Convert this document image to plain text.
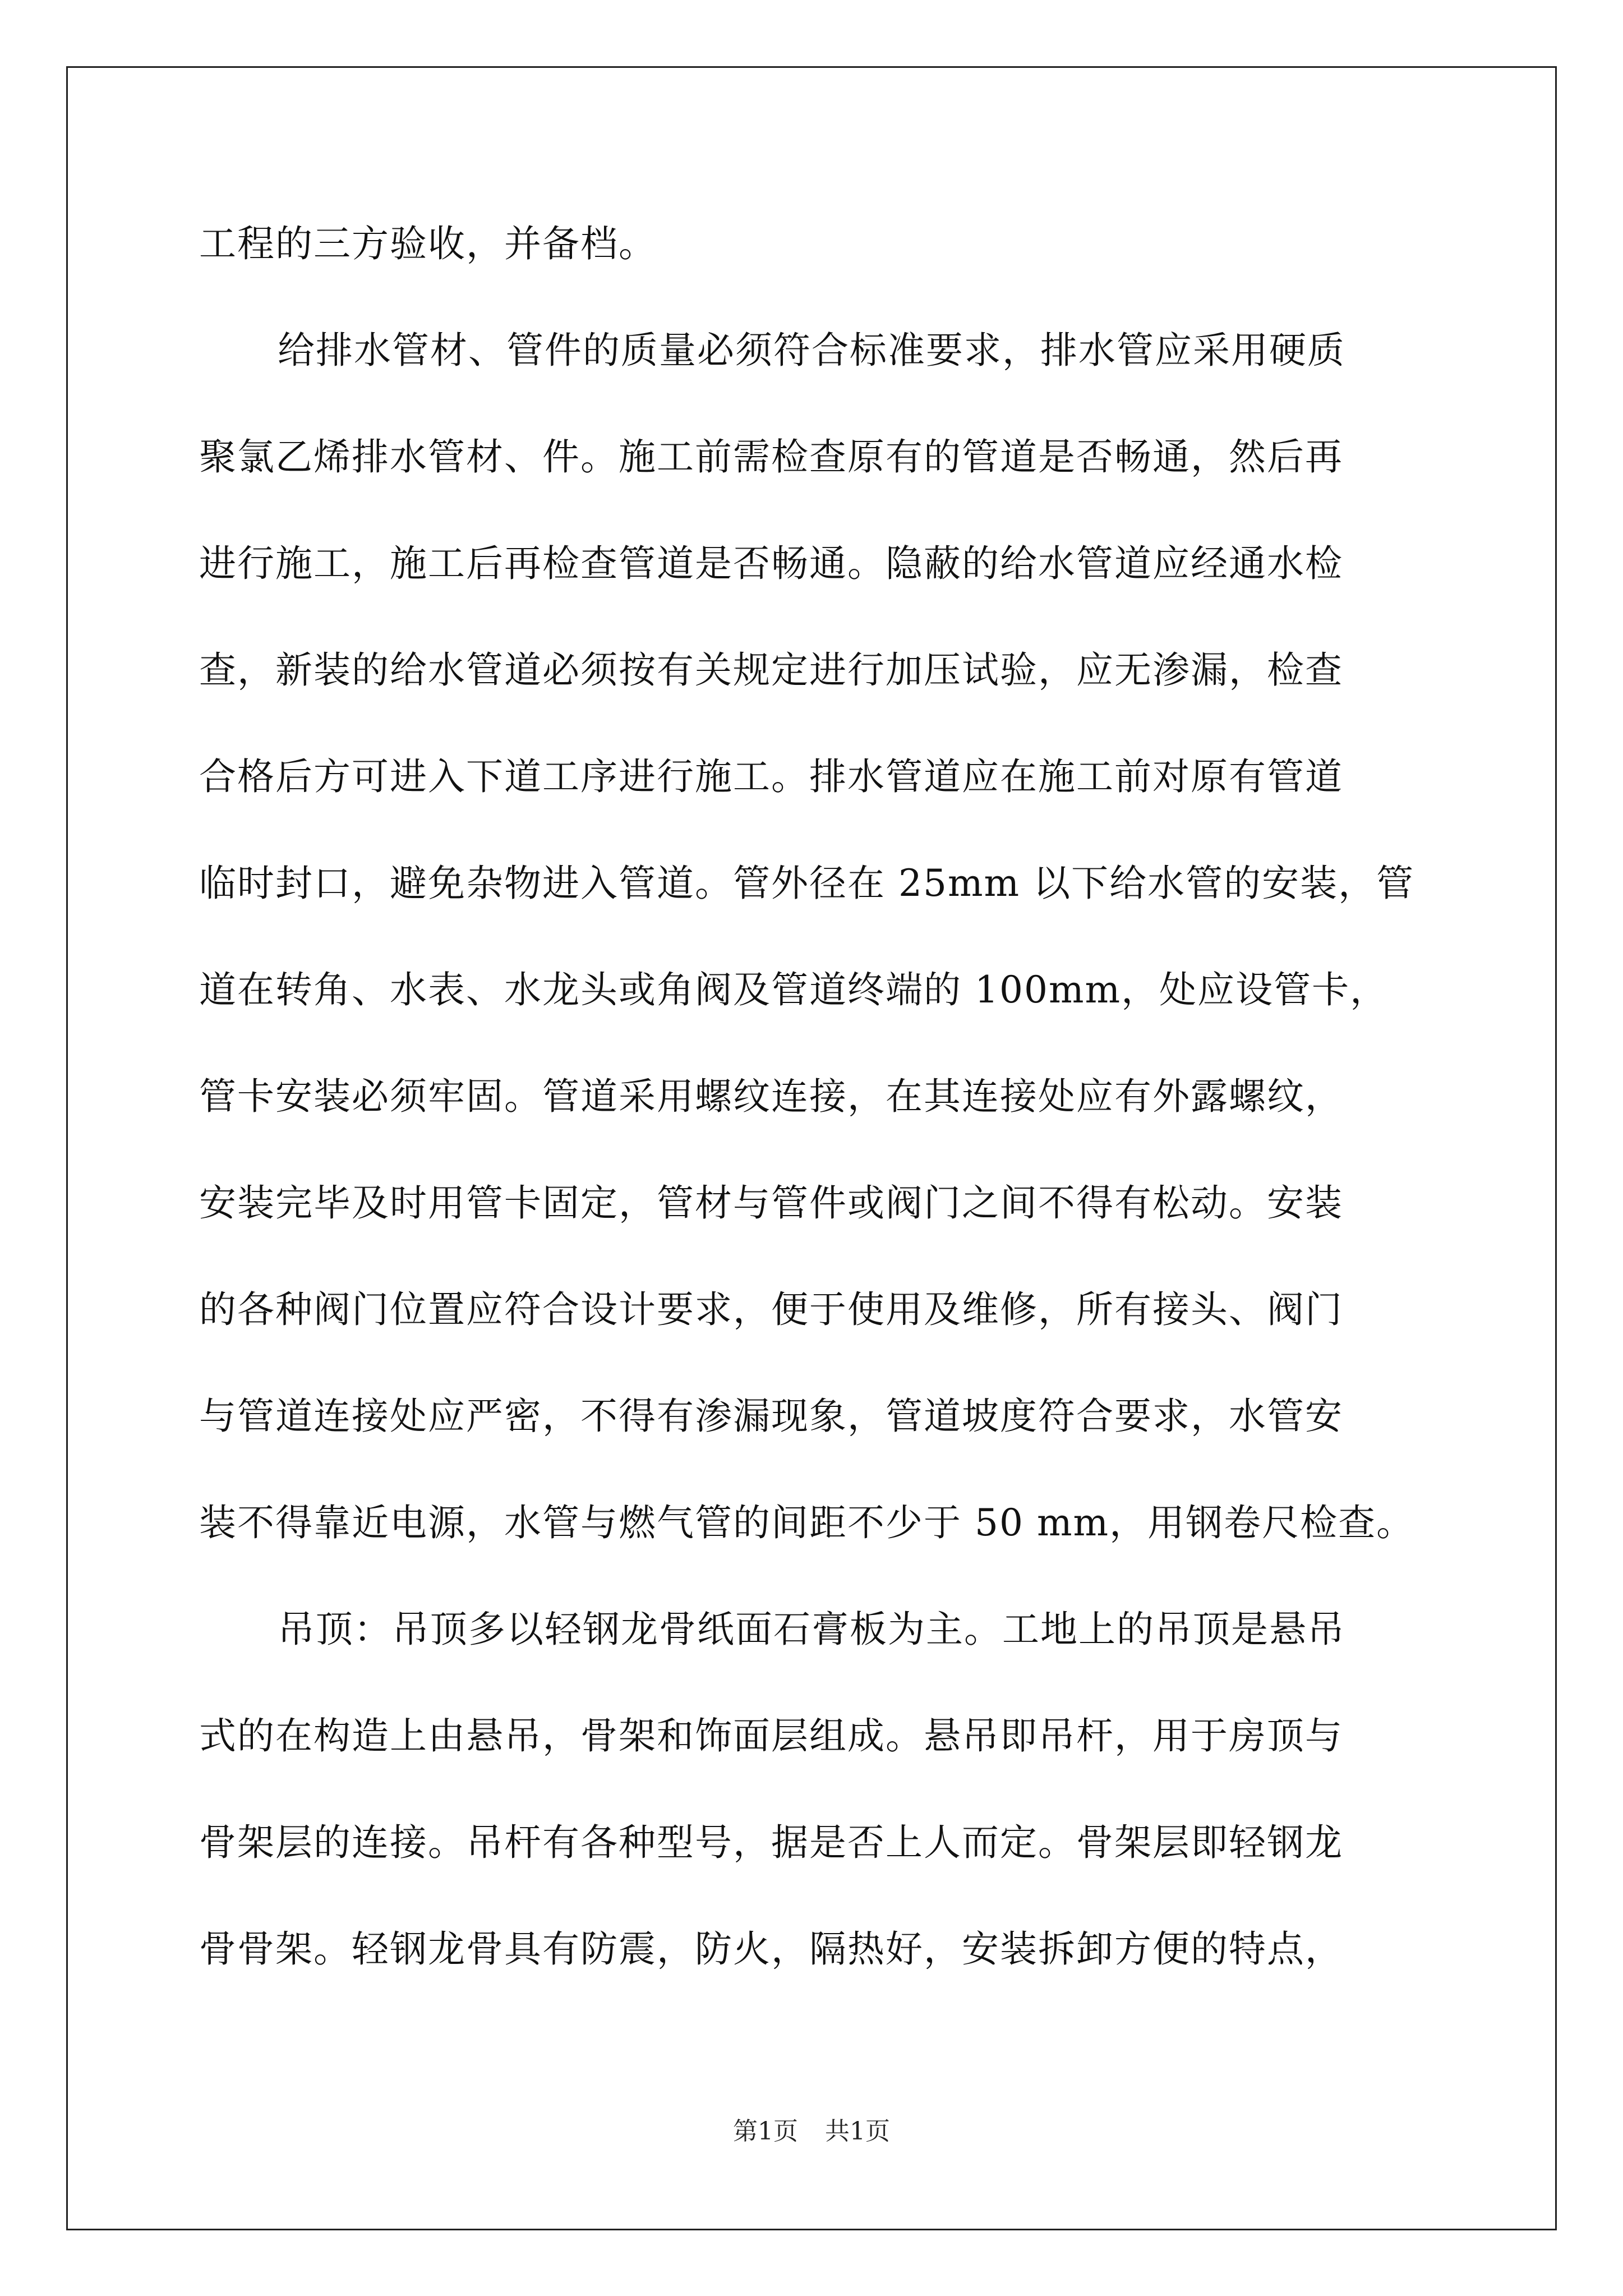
工程的三方验收，并备档。
给排水管材、管件的质量必须符合标准要求，排水管应采用硬质
聚氯乙烯排水管材、件。施工前需检查原有的管道是否畅通，然后再
进行施工，施工后再检查管道是否畅通。隐蔽的给水管道应经通水检
查，新装的给水管道必须按有关规定进行加压试验，应无渗漏，检查
合格后方可进入下道工序进行施工。排水管道应在施工前对原有管道
临时封口，避免杂物进入管道。管外径在 25mm 以下给水管的安装，管
道在转角、水表、水龙头或角阀及管道终端的 100mm，处应设管卡，
管卡安装必须牢固。管道采用螺纹连接，在其连接处应有外露螺纹，
安装完毕及时用管卡固定，管材与管件或阀门之间不得有松动。安装
的各种阀门位置应符合设计要求，便于使用及维修，所有接头、阀门
与管道连接处应严密，不得有渗漏现象，管道坡度符合要求，水管安
装不得靠近电源，水管与燃气管的间距不少于 50 mm，用钢卷尺检查。
吊顶：吊顶多以轻钢龙骨纸面石膏板为主。工地上的吊顶是悬吊
式的在构造上由悬吊，骨架和饰面层组成。悬吊即吊杆，用于房顶与
骨架层的连接。吊杆有各种型号，据是否上人而定。骨架层即轻钢龙
骨骨架。轻钢龙骨具有防震，防火，隔热好，安装拆卸方便的特点，
第1页 共1页
